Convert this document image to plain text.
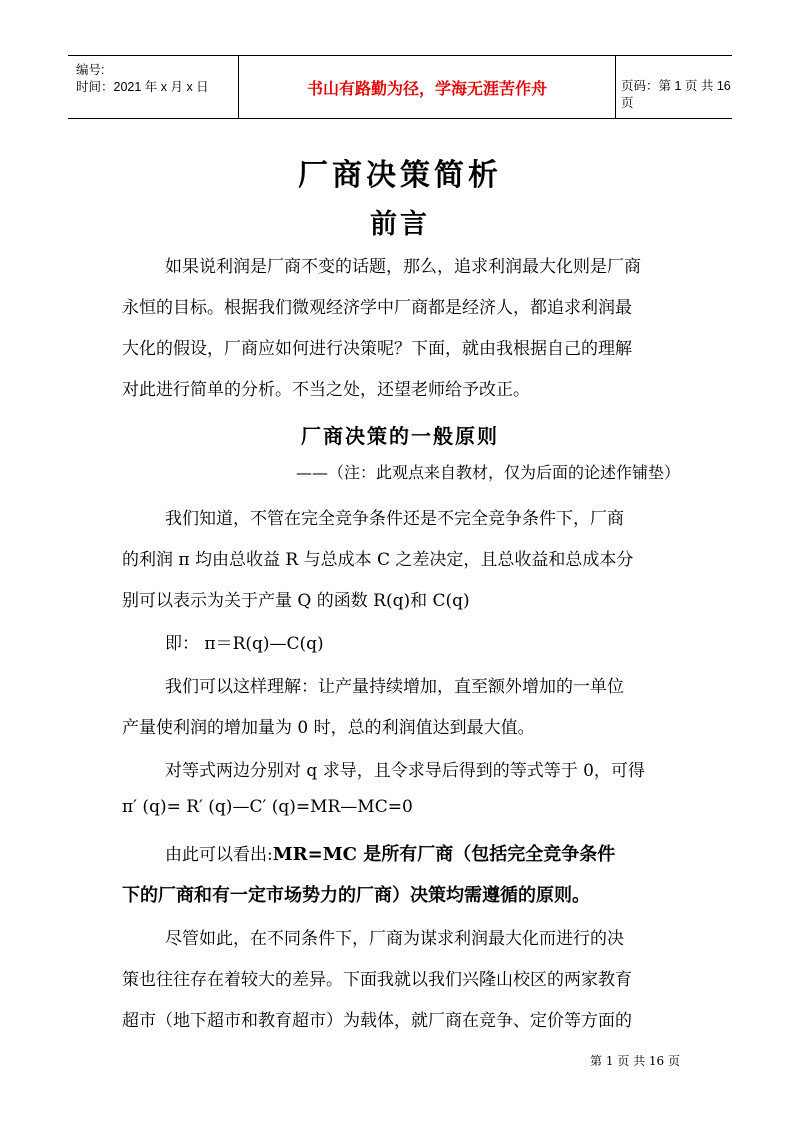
编号:
时间：2021 年 x 月 x 日	书山有路勤为径，学海无涯苦作舟	页码：第 1 页 共 16 页
厂商决策简析
前言
如果说利润是厂商不变的话题，那么，追求利润最大化则是厂商
永恒的目标。根据我们微观经济学中厂商都是经济人，都追求利润最
大化的假设，厂商应如何进行决策呢？下面，就由我根据自己的理解
对此进行简单的分析。不当之处，还望老师给予改正。
厂商决策的一般原则
——（注：此观点来自教材，仅为后面的论述作铺垫）
我们知道，不管在完全竞争条件还是不完全竞争条件下，厂商
的利润 π 均由总收益 R 与总成本 C 之差决定，且总收益和总成本分
别可以表示为关于产量 Q 的函数 R(q)和 C(q)
即： π＝R(q)—C(q)
我们可以这样理解：让产量持续增加，直至额外增加的一单位
产量使利润的增加量为 0 时，总的利润值达到最大值。
对等式两边分别对 q 求导，且令求导后得到的等式等于 0，可得
π′ (q)= R′ (q)—C′ (q)=MR—MC=0
由此可以看出:MR=MC 是所有厂商（包括完全竞争条件
下的厂商和有一定市场势力的厂商）决策均需遵循的原则。
尽管如此，在不同条件下，厂商为谋求利润最大化而进行的决
策也往往存在着较大的差异。下面我就以我们兴隆山校区的两家教育
超市（地下超市和教育超市）为载体，就厂商在竞争、定价等方面的
第 1 页 共 16 页
